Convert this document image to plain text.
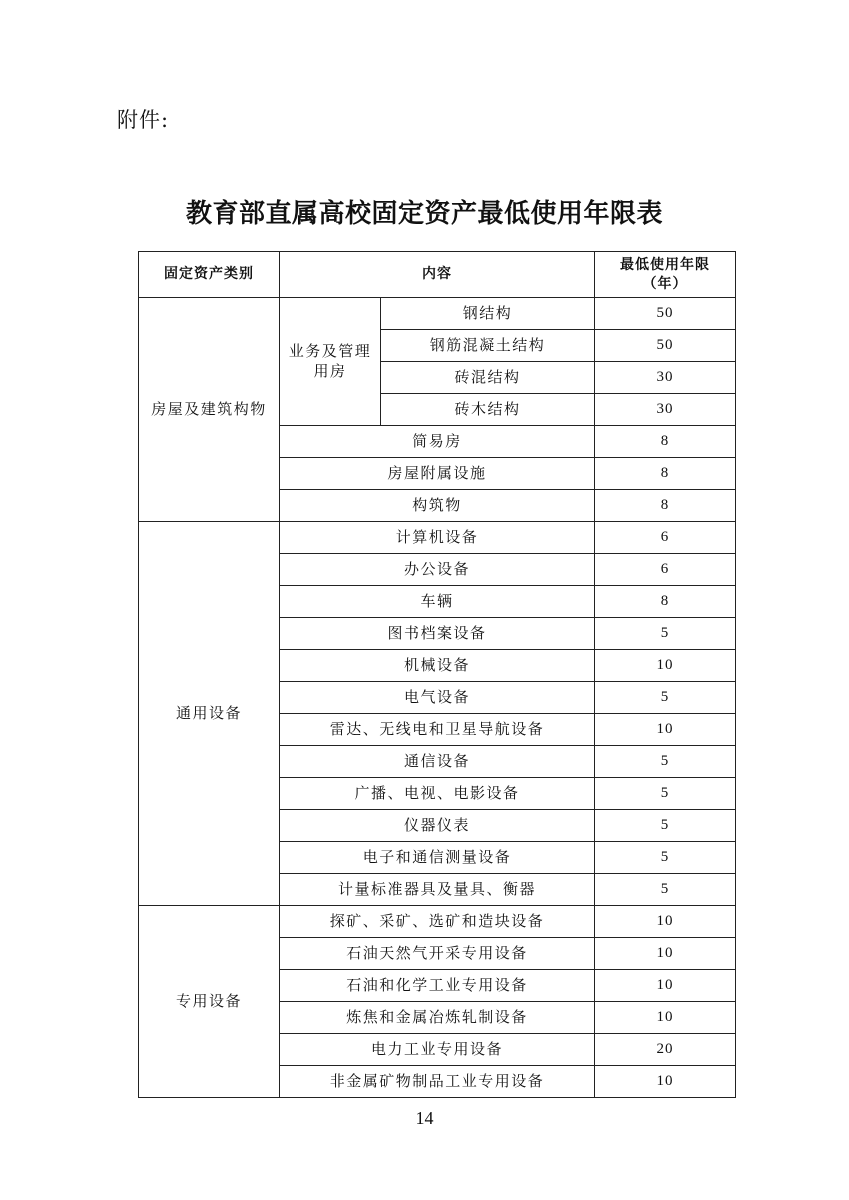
附件:
教育部直属高校固定资产最低使用年限表
固定资产类别	内容		最低使用年限
（年）

房屋及建筑构物	业务及管理
用房	钢结构	50
		钢筋混凝土结构	50
		砖混结构	30
		砖木结构	30
	简易房		8
	房屋附属设施		8
	构筑物		8
通用设备	计算机设备		6
	办公设备		6
	车辆		8
	图书档案设备		5
	机械设备		10
	电气设备		5
	雷达、无线电和卫星导航设备		10
	通信设备		5
	广播、电视、电影设备		5
	仪器仪表		5
	电子和通信测量设备		5
	计量标准器具及量具、衡器		5
专用设备	探矿、采矿、选矿和造块设备		10
	石油天然气开采专用设备		10
	石油和化学工业专用设备		10
	炼焦和金属冶炼轧制设备		10
	电力工业专用设备		20
	非金属矿物制品工业专用设备		10
14
